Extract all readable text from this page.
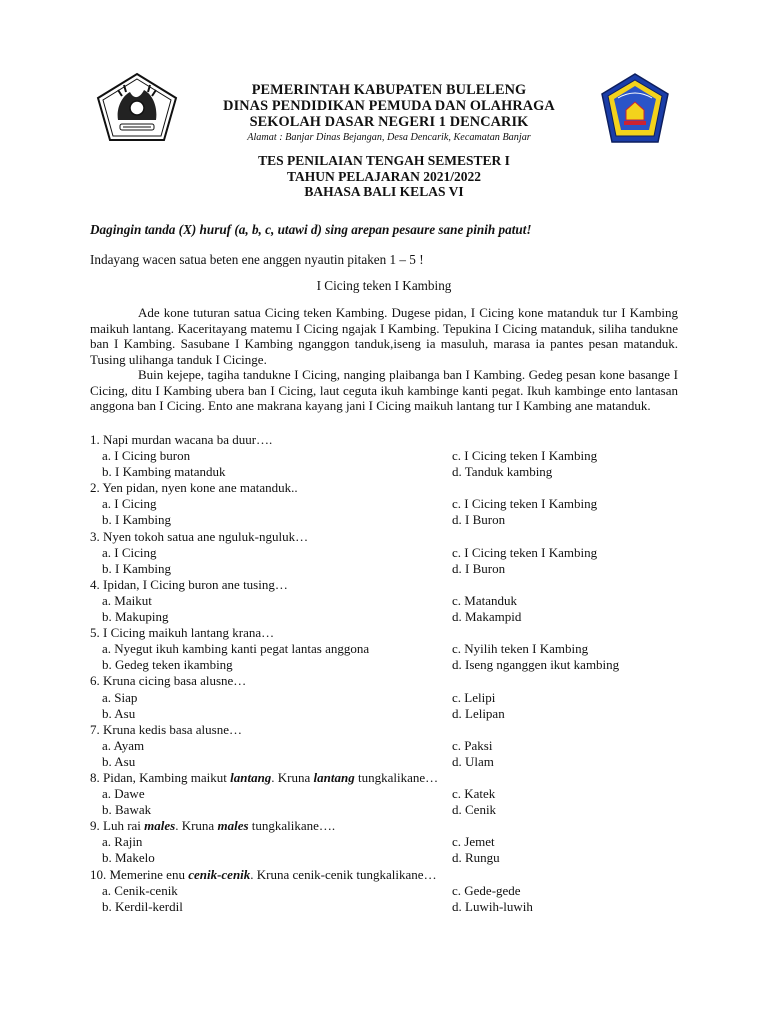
PEMERINTAH KABUPATEN BULELENG
DINAS PENDIDIKAN PEMUDA DAN OLAHRAGA
SEKOLAH DASAR NEGERI 1 DENCARIK
Alamat : Banjar Dinas Bejangan, Desa Dencarik, Kecamatan Banjar
TES PENILAIAN TENGAH SEMESTER I
TAHUN PELAJARAN 2021/2022
BAHASA BALI KELAS VI
Dagingin tanda (X) huruf (a, b, c, utawi d) sing arepan pesaure sane pinih patut!
Indayang wacen satua beten ene anggen nyautin pitaken 1 – 5 !
I Cicing teken I Kambing

Ade kone tuturan satua Cicing teken Kambing. Dugese pidan, I Cicing kone matanduk tur I Kambing maikuh lantang. Kaceritayang matemu I Cicing ngajak I Kambing. Tepukina I Cicing matanduk, siliha tandukne ban I Kambing. Sasubane I Kambing nganggon tanduk,iseng ia masuluh, marasa ia pantes pesan matanduk. Tusing ulihanga tanduk I Cicinge.

Buin kejepe, tagiha tandukne I Cicing, nanging plaibanga ban I Kambing. Gedeg pesan kone basange I Cicing, ditu I Kambing ubera ban I Cicing, laut ceguta ikuh kambinge kanti pegat. Ikuh kambinge ento lantasan anggona ban I Cicing. Ento ane makrana kayang jani I Cicing maikuh lantang tur I Kambing ane matanduk.

1. Napi murdan wacana ba duur….
a. I Cicing buron	c. I Cicing teken I Kambing
b. I Kambing matanduk	d. Tanduk kambing
2. Yen pidan, nyen kone ane matanduk..
a. I Cicing	c. I Cicing teken I Kambing
b. I Kambing	d. I Buron
3. Nyen tokoh satua ane nguluk-nguluk…
a. I Cicing	c. I Cicing teken I Kambing
b. I Kambing	d. I Buron
4. Ipidan, I Cicing buron ane tusing…
a. Maikut	c. Matanduk
b. Makuping	d. Makampid
5. I Cicing maikuh lantang krana…
a. Nyegut ikuh kambing kanti pegat lantas anggona	c. Nyilih teken I Kambing
b. Gedeg teken ikambing	d. Iseng nganggen ikut kambing
6. Kruna cicing basa alusne…
a. Siap	c. Lelipi
b. Asu	d. Lelipan
7. Kruna kedis basa alusne…
a. Ayam	c. Paksi
b. Asu	d. Ulam
8. Pidan, Kambing maikut lantang. Kruna lantang tungkalikane…
a. Dawe	c. Katek
b. Bawak	d. Cenik
9. Luh rai males. Kruna males tungkalikane….
a. Rajin	c. Jemet
b. Makelo	d. Rungu
10. Memerine enu cenik-cenik. Kruna cenik-cenik tungkalikane…
a. Cenik-cenik	c. Gede-gede
b. Kerdil-kerdil	d. Luwih-luwih
